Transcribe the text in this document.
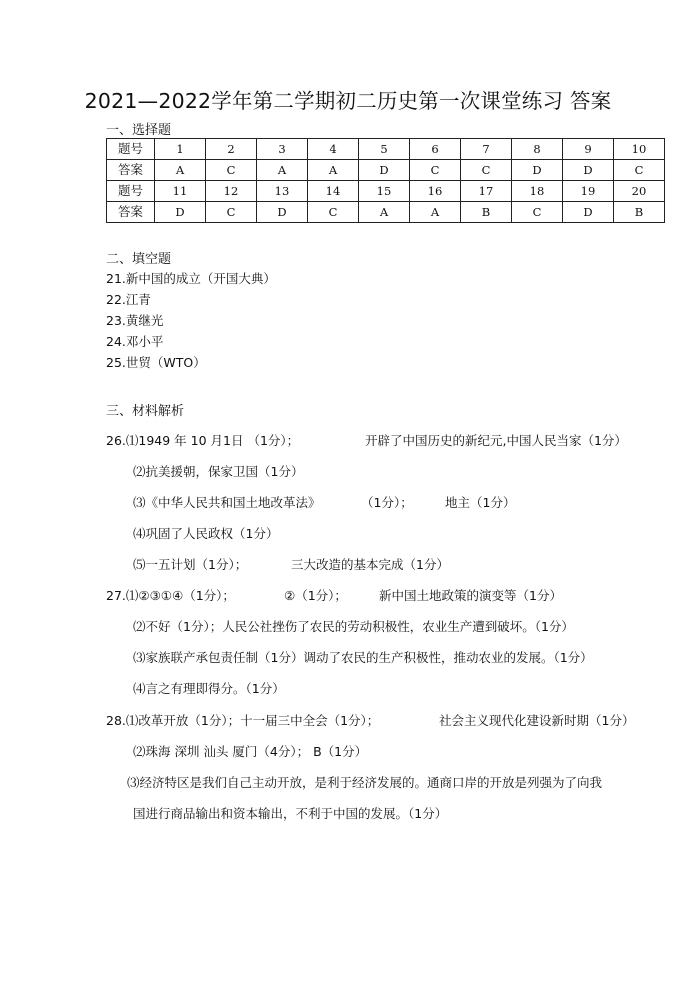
2021—2022学年第二学期初二历史第一次课堂练习 答案
一、选择题
题号	1	2	3	4	5	6	7	8	9	10
答案	A	C	A	A	D	C	C	D	D	C
题号	11	12	13	14	15	16	17	18	19	20
答案	D	C	D	C	A	A	B	C	D	B
二、填空题
21.新中国的成立（开国大典）
22.江青
23.黄继光
24.邓小平
25.世贸（WTO）
三、材料解析
26.⑴1949 年 10 月1日 （1分）；	开辟了中国历史的新纪元,中国人民当家（1分）
⑵抗美援朝，保家卫国（1分）
⑶《中华人民共和国土地改革法》	（1分）；	地主（1分）
⑷巩固了人民政权（1分）
⑸一五计划（1分）；	三大改造的基本完成（1分）
27.⑴②③①④（1分）；	②（1分）；	新中国土地政策的演变等（1分）
⑵不好（1分）；人民公社挫伤了农民的劳动积极性，农业生产遭到破坏。（1分）
⑶家族联产承包责任制（1分）调动了农民的生产积极性，推动农业的发展。（1分）
⑷言之有理即得分。（1分）
28.⑴改革开放（1分）；十一届三中全会（1分）；	社会主义现代化建设新时期（1分）
⑵珠海 深圳 汕头 厦门（4分）； B（1分）
⑶经济特区是我们自己主动开放，是利于经济发展的。通商口岸的开放是列强为了向我
国进行商品输出和资本输出，不利于中国的发展。（1分）
